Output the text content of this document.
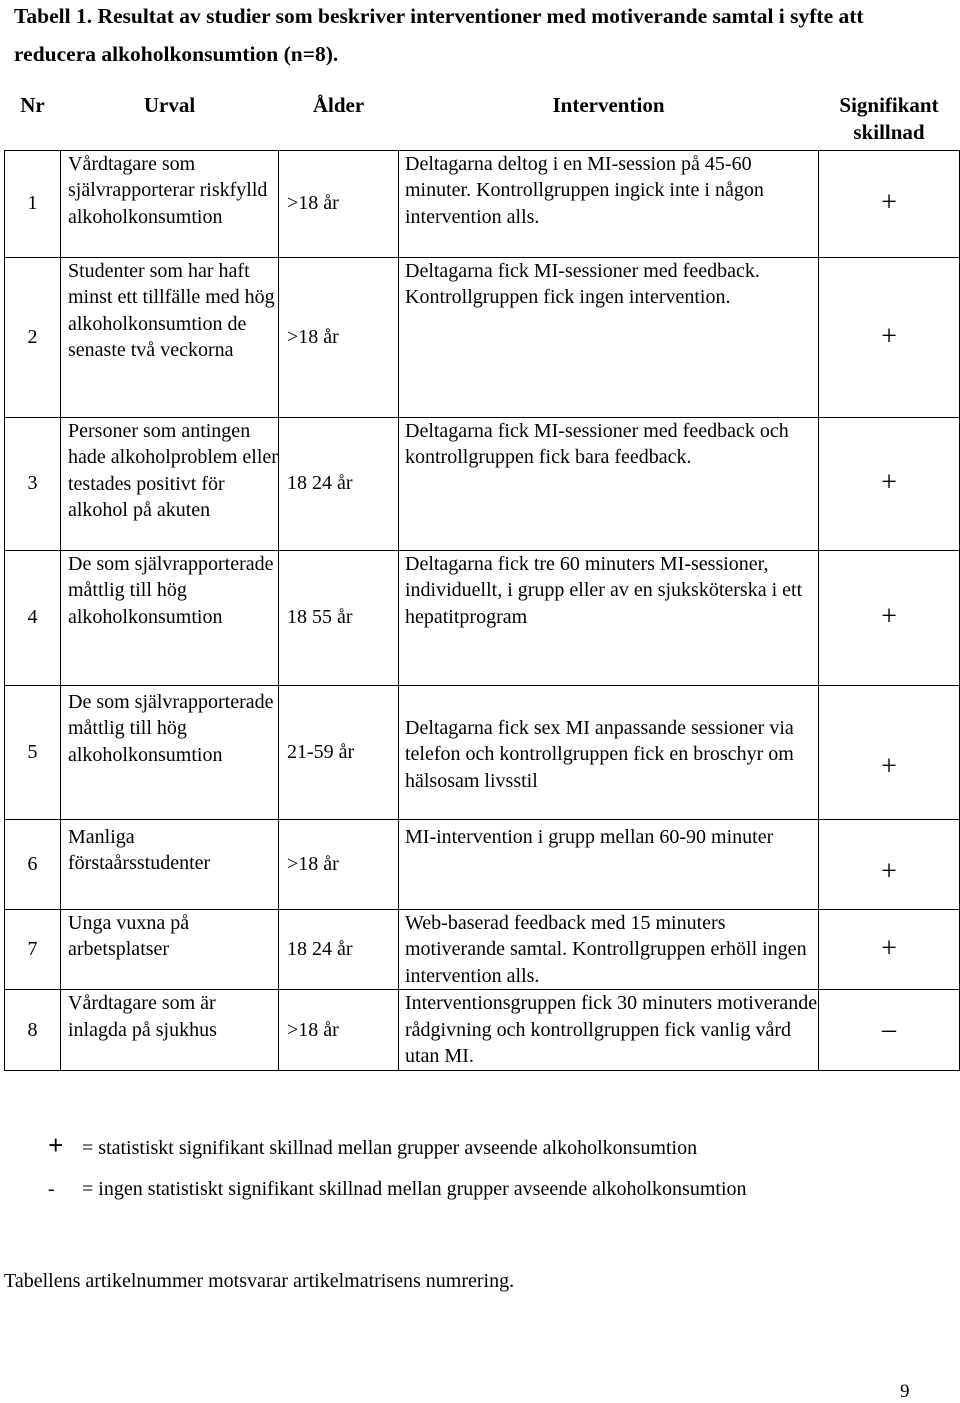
Tabell 1. Resultat av studier som beskriver interventioner med motiverande samtal i syfte att reducera alkoholkonsumtion (n=8).
Nr	Urval	Ålder	Intervention	Signifikant skillnad
1	Vårdtagare som självrapporterar riskfylld alkoholkonsumtion	>18 år	Deltagarna deltog i en MI-session på 45-60 minuter. Kontrollgruppen ingick inte i någon intervention alls.	+
2	Studenter som har haft minst ett tillfälle med hög alkoholkonsumtion de senaste två veckorna	>18 år	Deltagarna fick MI-sessioner med feedback. Kontrollgruppen fick ingen intervention.	+
3	Personer som antingen hade alkoholproblem eller testades positivt för alkohol på akuten	18 24 år	Deltagarna fick MI-sessioner med feedback och kontrollgruppen fick bara feedback.	+
4	De som självrapporterade måttlig till hög alkoholkonsumtion	18 55 år	Deltagarna fick tre 60 minuters MI-sessioner, individuellt, i grupp eller av en sjuksköterska i ett hepatitprogram	+
5	De som självrapporterade måttlig till hög alkoholkonsumtion	21-59 år	Deltagarna fick sex MI anpassande sessioner via telefon och kontrollgruppen fick en broschyr om hälsosam livsstil	+
6	Manliga förstaårsstudenter	>18 år	MI-intervention i grupp mellan 60-90 minuter	+
7	Unga vuxna på arbetsplatser	18 24 år	Web-baserad feedback med 15 minuters motiverande samtal. Kontrollgruppen erhöll ingen intervention alls.	+
8	Vårdtagare som är inlagda på sjukhus	>18 år	Interventionsgruppen fick 30 minuters motiverande rådgivning och kontrollgruppen fick vanlig vård utan MI.	–
+ = statistiskt signifikant skillnad mellan grupper avseende alkoholkonsumtion
- = ingen statistiskt signifikant skillnad mellan grupper avseende alkoholkonsumtion
Tabellens artikelnummer motsvarar artikelmatrisens numrering.
9
